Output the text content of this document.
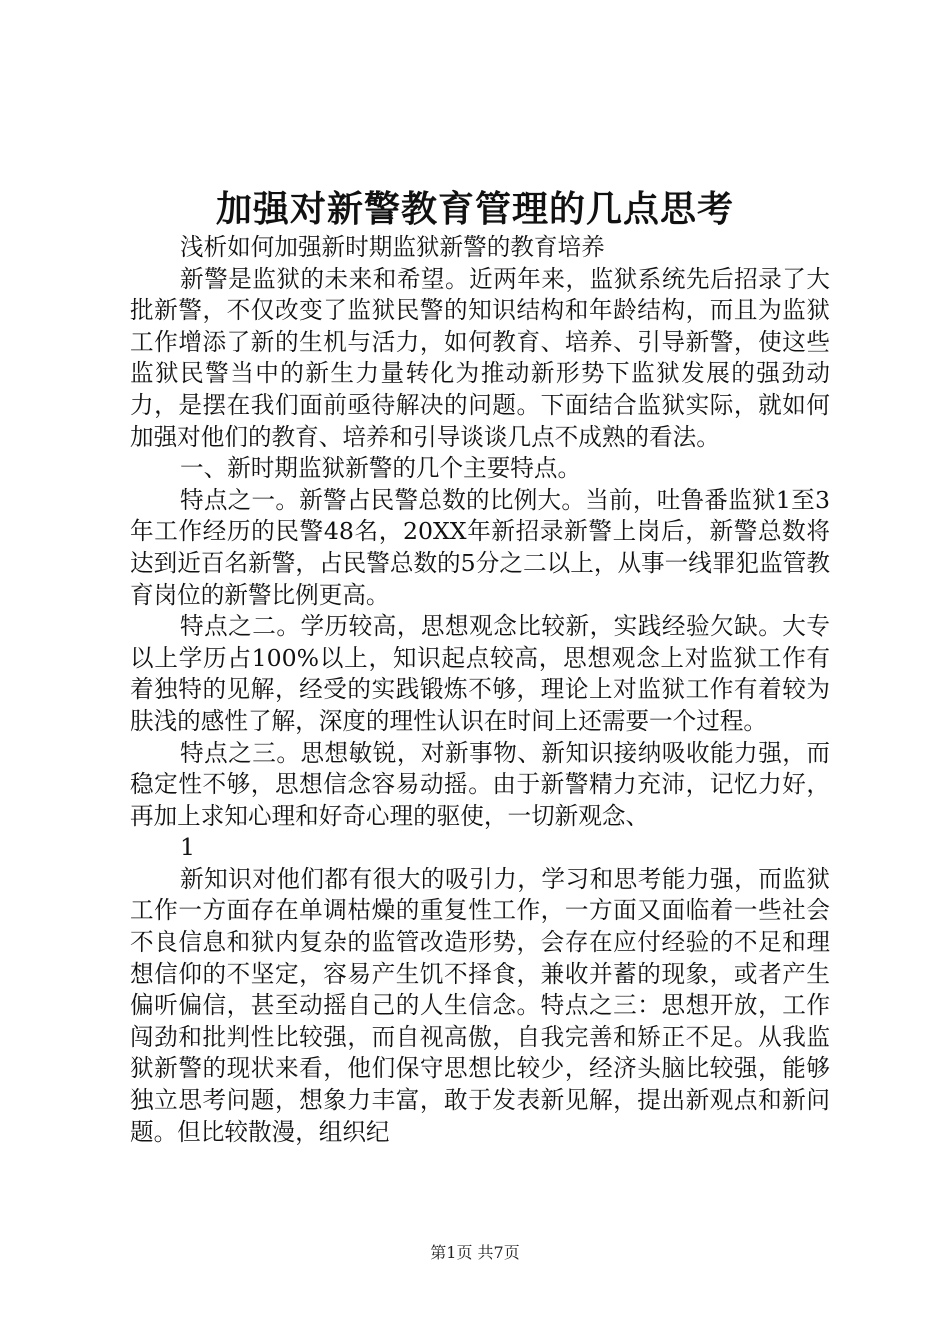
加强对新警教育管理的几点思考

浅析如何加强新时期监狱新警的教育培养

新警是监狱的未来和希望。近两年来，监狱系统先后招录了大批新警，不仅改变了监狱民警的知识结构和年龄结构，而且为监狱工作增添了新的生机与活力，如何教育、培养、引导新警，使这些监狱民警当中的新生力量转化为推动新形势下监狱发展的强劲动力，是摆在我们面前亟待解决的问题。下面结合监狱实际，就如何加强对他们的教育、培养和引导谈谈几点不成熟的看法。

一、新时期监狱新警的几个主要特点。

特点之一。新警占民警总数的比例大。当前，吐鲁番监狱1至3年工作经历的民警48名，20XX年新招录新警上岗后，新警总数将达到近百名新警，占民警总数的5分之二以上，从事一线罪犯监管教育岗位的新警比例更高。

特点之二。学历较高，思想观念比较新，实践经验欠缺。大专以上学历占100%以上，知识起点较高，思想观念上对监狱工作有着独特的见解，经受的实践锻炼不够，理论上对监狱工作有着较为肤浅的感性了解，深度的理性认识在时间上还需要一个过程。

特点之三。思想敏锐，对新事物、新知识接纳吸收能力强，而稳定性不够，思想信念容易动摇。由于新警精力充沛，记忆力好，再加上求知心理和好奇心理的驱使，一切新观念、

1

新知识对他们都有很大的吸引力，学习和思考能力强，而监狱工作一方面存在单调枯燥的重复性工作，一方面又面临着一些社会不良信息和狱内复杂的监管改造形势，会存在应付经验的不足和理想信仰的不坚定，容易产生饥不择食，兼收并蓄的现象，或者产生偏听偏信，甚至动摇自己的人生信念。特点之三：思想开放，工作闯劲和批判性比较强，而自视高傲，自我完善和矫正不足。从我监狱新警的现状来看，他们保守思想比较少，经济头脑比较强，能够独立思考问题，想象力丰富，敢于发表新见解，提出新观点和新问题。但比较散漫，组织纪

第1页 共7页
